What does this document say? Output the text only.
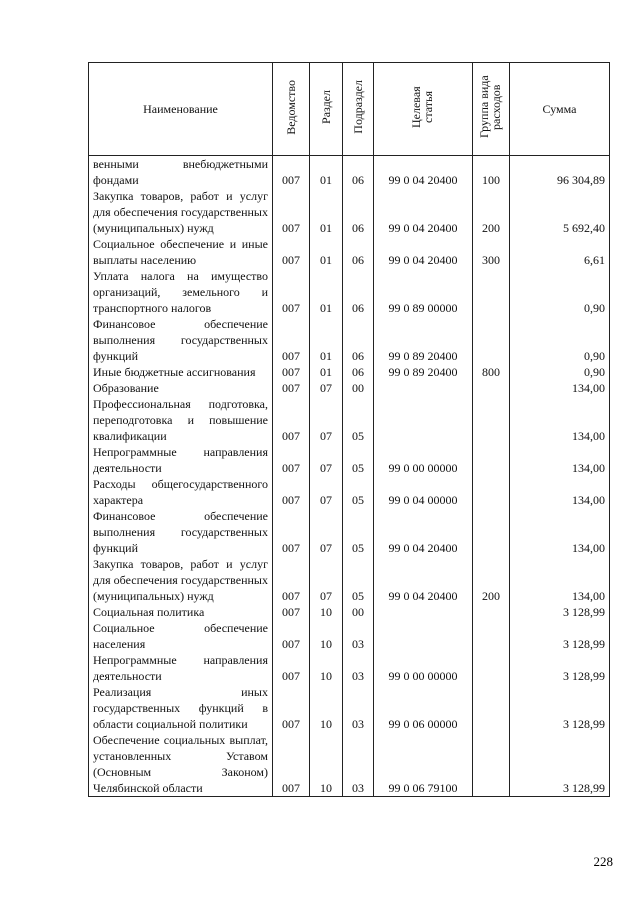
Наименование	Ведомство	Раздел	Подраздел	Целевая статья	Группа вида расходов	Сумма
венными внебюджетными фондами	007	01	06	99 0 04 20400	100	96 304,89
Закупка товаров, работ и услуг для обеспечения государственных (муниципальных) нужд	007	01	06	99 0 04 20400	200	5 692,40
Социальное обеспечение и иные выплаты населению	007	01	06	99 0 04 20400	300	6,61
Уплата налога на имущество организаций, земельного и транспортного налогов	007	01	06	99 0 89 00000		0,90
Финансовое обеспечение выполнения государственных функций	007	01	06	99 0 89 20400		0,90
Иные бюджетные ассигнования	007	01	06	99 0 89 20400	800	0,90
Образование	007	07	00			134,00
Профессиональная подготовка, переподготовка и повышение квалификации	007	07	05			134,00
Непрограммные направления деятельности	007	07	05	99 0 00 00000		134,00
Расходы общегосударственного характера	007	07	05	99 0 04 00000		134,00
Финансовое обеспечение выполнения государственных функций	007	07	05	99 0 04 20400		134,00
Закупка товаров, работ и услуг для обеспечения государственных (муниципальных) нужд	007	07	05	99 0 04 20400	200	134,00
Социальная политика	007	10	00			3 128,99
Социальное обеспечение населения	007	10	03			3 128,99
Непрограммные направления деятельности	007	10	03	99 0 00 00000		3 128,99
Реализация иных государственных функций в области социальной политики	007	10	03	99 0 06 00000		3 128,99
Обеспечение социальных выплат, установленных Уставом (Основным Законом) Челябинской области	007	10	03	99 0 06 79100		3 128,99
228
